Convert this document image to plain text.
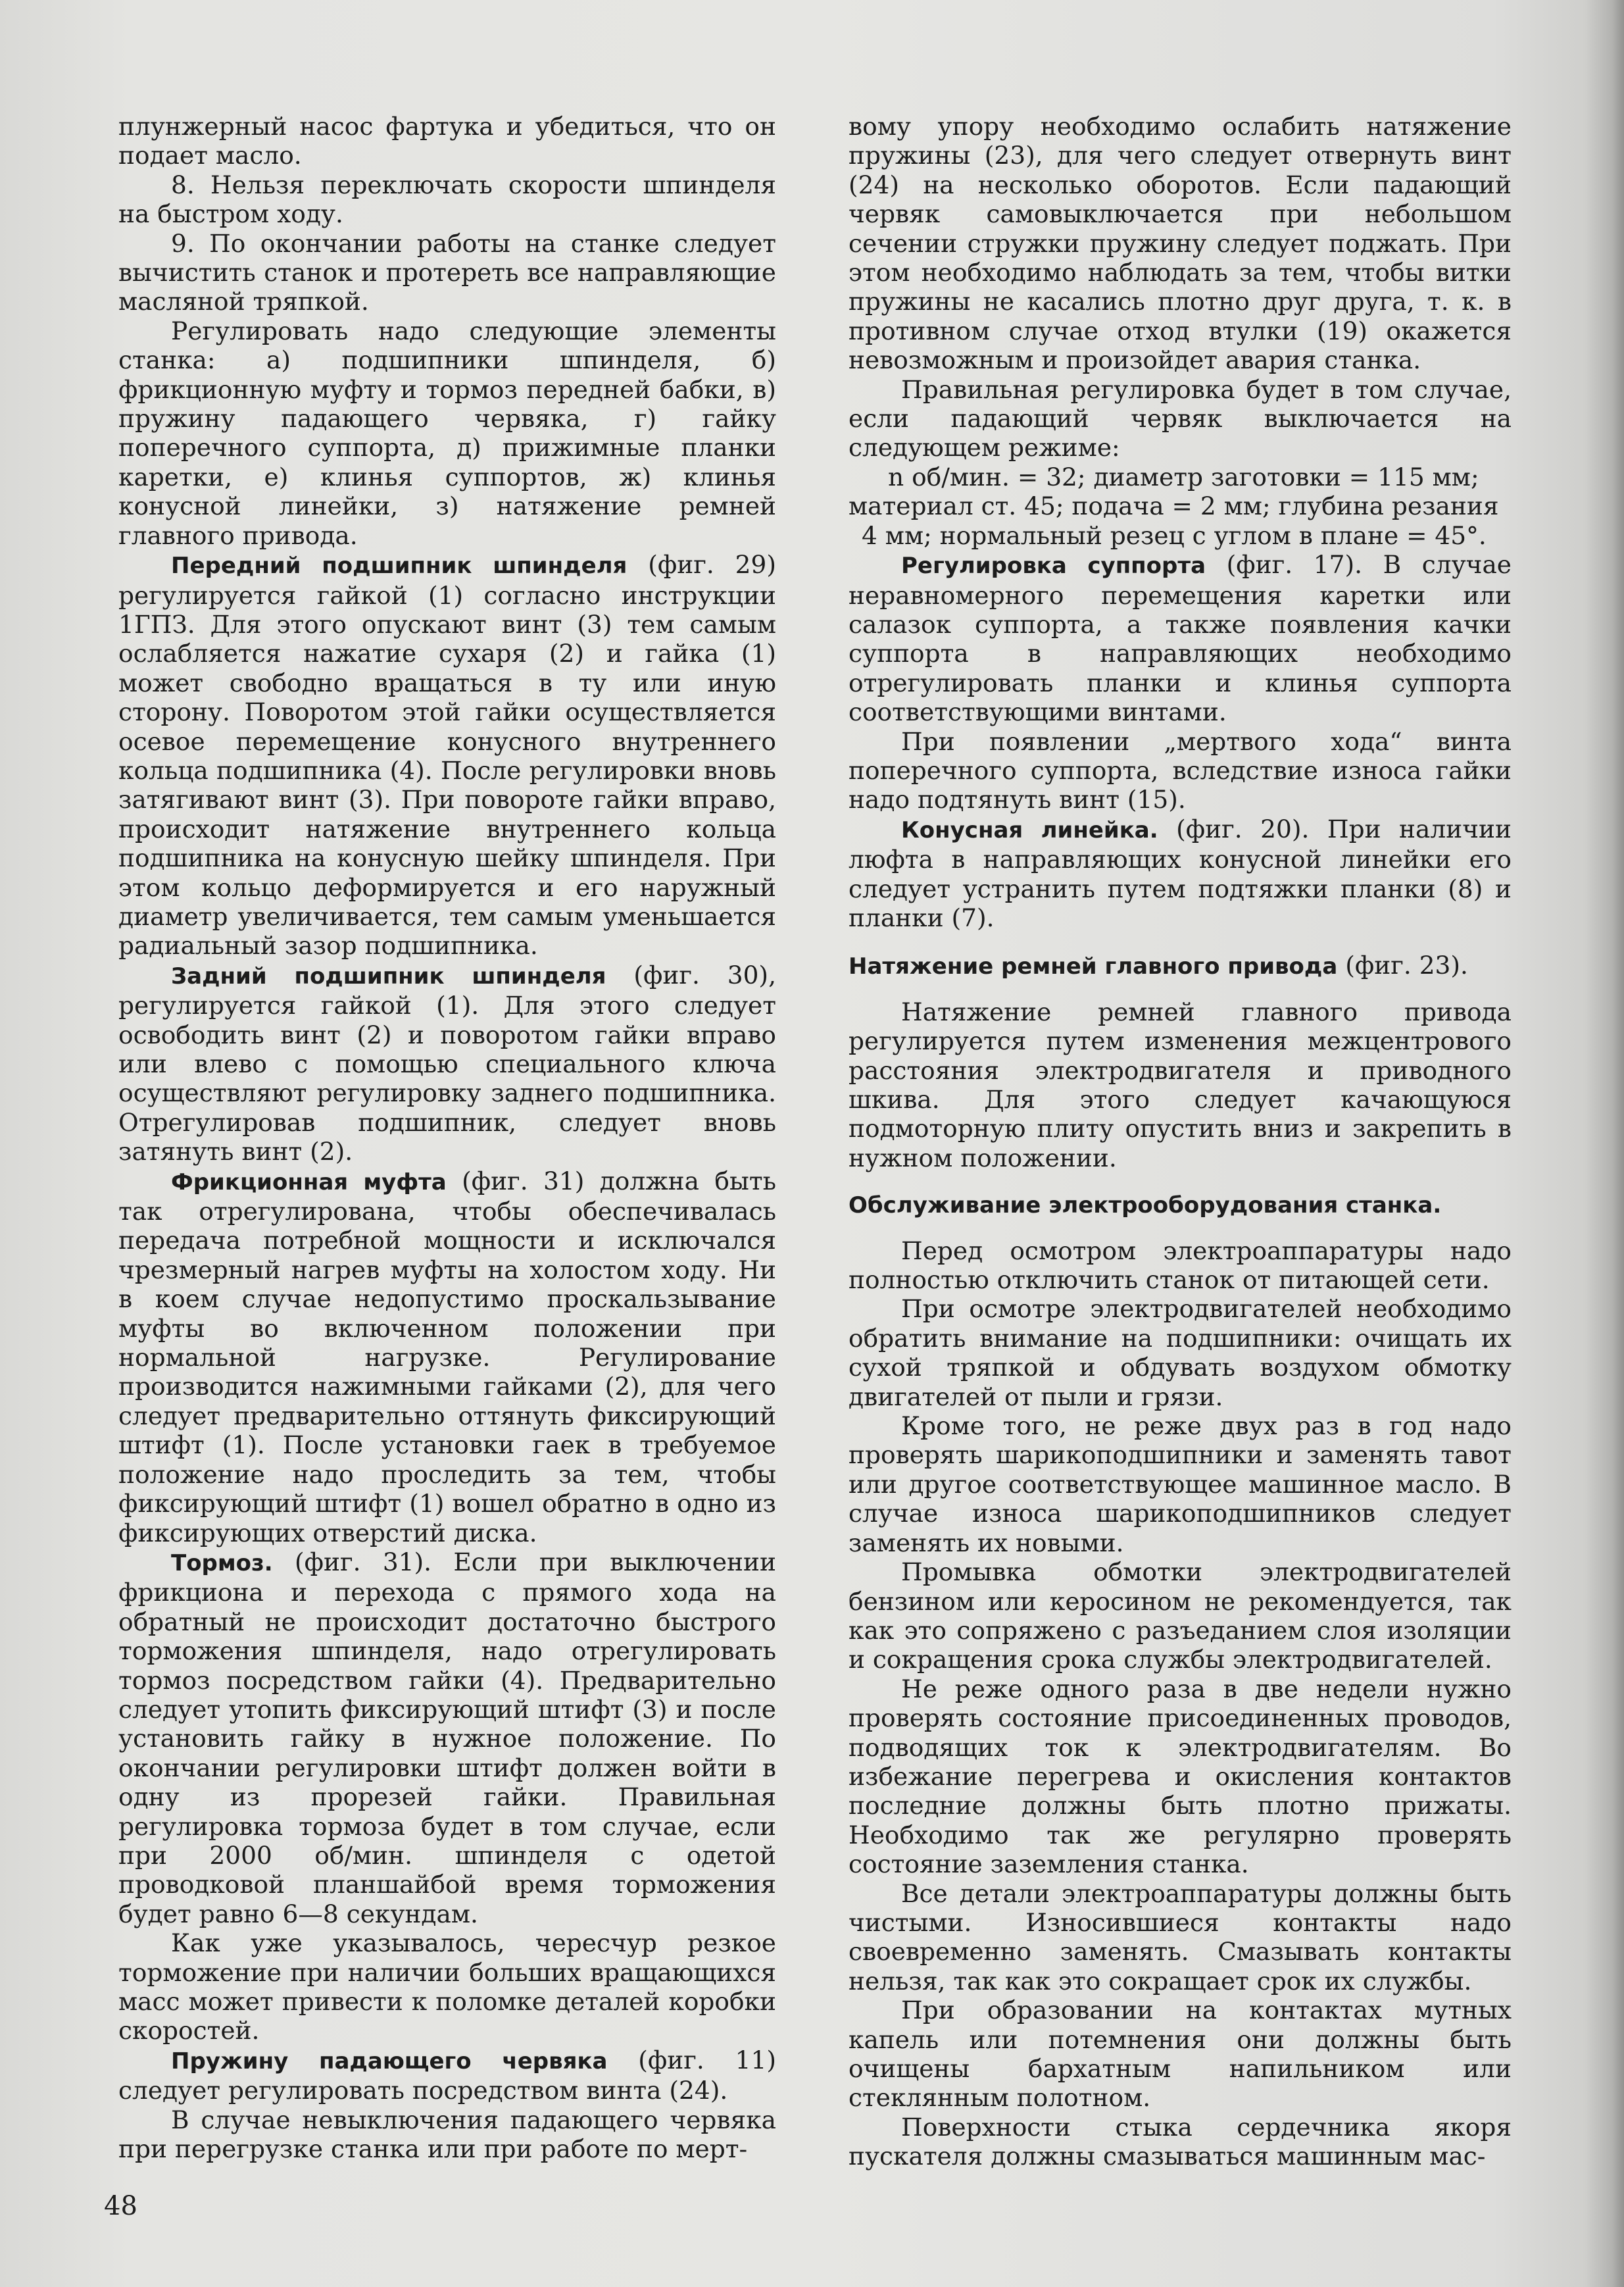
плунжерный насос фартука и убедиться, что он подает масло.

8. Нельзя переключать скорости шпинделя на быстром ходу.

9. По окончании работы на станке следует вычистить станок и протереть все направляющие масляной тряпкой.

Регулировать надо следующие элементы станка: а) подшипники шпинделя, б) фрикционную муфту и тормоз передней бабки, в) пружину падающего червяка, г) гайку поперечного суппорта, д) прижимные планки каретки, е) клинья суппортов, ж) клинья конусной линейки, з) натяжение ремней главного привода.

Передний подшипник шпинделя (фиг. 29) регулируется гайкой (1) согласно инструкции 1ГПЗ. Для этого опускают винт (3) тем самым ослабляется нажатие сухаря (2) и гайка (1) может свободно вращаться в ту или иную сторону. Поворотом этой гайки осуществляется осевое перемещение конусного внутреннего кольца подшипника (4). После регулировки вновь затягивают винт (3). При повороте гайки вправо, происходит натяжение внутреннего кольца подшипника на конусную шейку шпинделя. При этом кольцо деформируется и его наружный диаметр увеличивается, тем самым уменьшается радиальный зазор подшипника.

Задний подшипник шпинделя (фиг. 30), регулируется гайкой (1). Для этого следует освободить винт (2) и поворотом гайки вправо или влево с помощью специального ключа осуществляют регулировку заднего подшипника. Отрегулировав подшипник, следует вновь затянуть винт (2).

Фрикционная муфта (фиг. 31) должна быть так отрегулирована, чтобы обеспечивалась передача потребной мощности и исключался чрезмерный нагрев муфты на холостом ходу. Ни в коем случае недопустимо проскальзывание муфты во включенном положении при нормальной нагрузке. Регулирование производится нажимными гайками (2), для чего следует предварительно оттянуть фиксирующий штифт (1). После установки гаек в требуемое положение надо проследить за тем, чтобы фиксирующий штифт (1) вошел обратно в одно из фиксирующих отверстий диска.

Тормоз. (фиг. 31). Если при выключении фрикциона и перехода с прямого хода на обратный не происходит достаточно быстрого торможения шпинделя, надо отрегулировать тормоз посредством гайки (4). Предварительно следует утопить фиксирующий штифт (3) и после установить гайку в нужное положение. По окончании регулировки штифт должен войти в одну из прорезей гайки. Правильная регулировка тормоза будет в том случае, если при 2000 об/мин. шпинделя с одетой проводковой планшайбой время торможения будет равно 6—8 секундам.

Как уже указывалось, чересчур резкое торможение при наличии больших вращающихся масс может привести к поломке деталей коробки скоростей.

Пружину падающего червяка (фиг. 11) следует регулировать посредством винта (24).

В случае невыключения падающего червяка при перегрузке станка или при работе по мерт-

вому упору необходимо ослабить натяжение пружины (23), для чего следует отвернуть винт (24) на несколько оборотов. Если падающий червяк самовыключается при небольшом сечении стружки пружину следует поджать. При этом необходимо наблюдать за тем, чтобы витки пружины не касались плотно друг друга, т. к. в противном случае отход втулки (19) окажется невозможным и произойдет авария станка.

Правильная регулировка будет в том случае, если падающий червяк выключается на следующем режиме:

n об/мин. = 32; диаметр заготовки = 115 мм;

материал ст. 45; подача = 2 мм; глубина резания

4 мм; нормальный резец с углом в плане = 45°.

Регулировка суппорта (фиг. 17). В случае неравномерного перемещения каретки или салазок суппорта, а также появления качки суппорта в направляющих необходимо отрегулировать планки и клинья суппорта соответствующими винтами.

При появлении „мертвого хода“ винта поперечного суппорта, вследствие износа гайки надо подтянуть винт (15).

Конусная линейка. (фиг. 20). При наличии люфта в направляющих конусной линейки его следует устранить путем подтяжки планки (8) и планки (7).

Натяжение ремней главного привода (фиг. 23).

Натяжение ремней главного привода регулируется путем изменения межцентрового расстояния электродвигателя и приводного шкива. Для этого следует качающуюся подмоторную плиту опустить вниз и закрепить в нужном положении.

Обслуживание электрооборудования станка.

Перед осмотром электроаппаратуры надо полностью отключить станок от питающей сети.

При осмотре электродвигателей необходимо обратить внимание на подшипники: очищать их сухой тряпкой и обдувать воздухом обмотку двигателей от пыли и грязи.

Кроме того, не реже двух раз в год надо проверять шарикоподшипники и заменять тавот или другое соответствующее машинное масло. В случае износа шарикоподшипников следует заменять их новыми.

Промывка обмотки электродвигателей бензином или керосином не рекомендуется, так как это сопряжено с разъеданием слоя изоляции и сокращения срока службы электродвигателей.

Не реже одного раза в две недели нужно проверять состояние присоединенных проводов, подводящих ток к электродвигателям. Во избежание перегрева и окисления контактов последние должны быть плотно прижаты. Необходимо так же регулярно проверять состояние заземления станка.

Все детали электроаппаратуры должны быть чистыми. Износившиеся контакты надо своевременно заменять. Смазывать контакты нельзя, так как это сокращает срок их службы.

При образовании на контактах мутных капель или потемнения они должны быть очищены бархатным напильником или стеклянным полотном.

Поверхности стыка сердечника якоря пускателя должны смазываться машинным мас-

48
